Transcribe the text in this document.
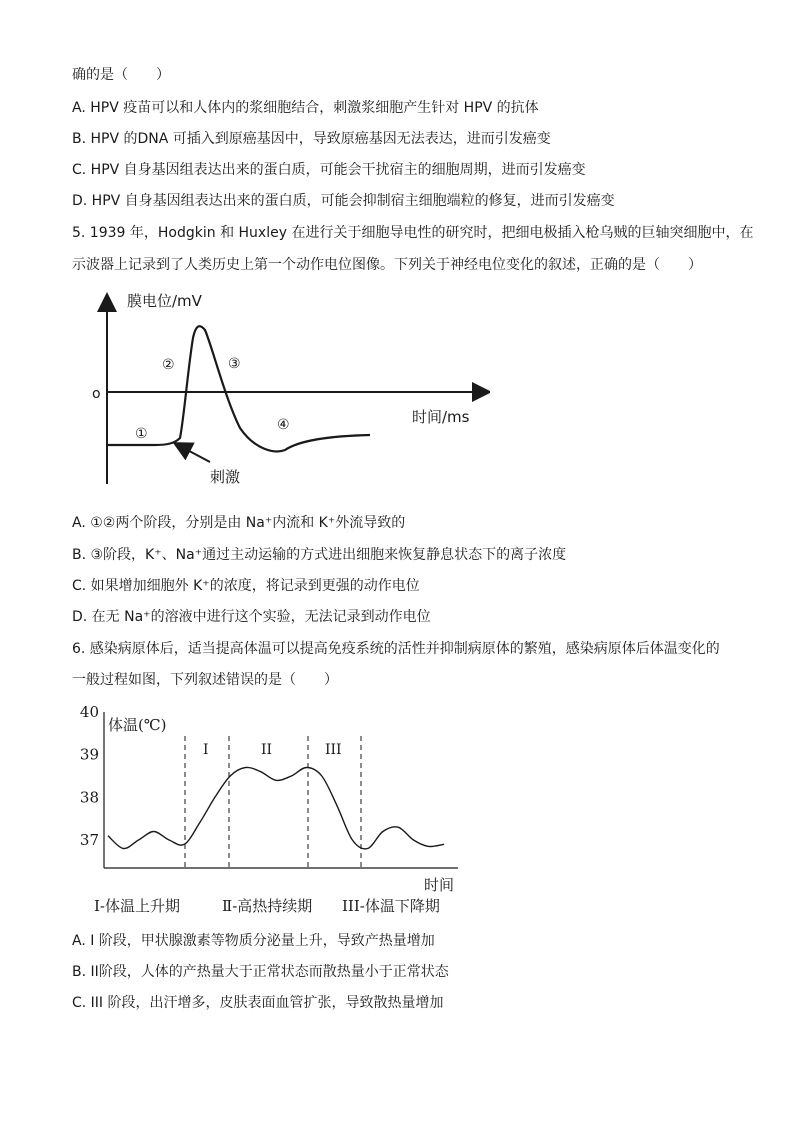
确的是（　　）
A. HPV 疫苗可以和人体内的浆细胞结合，刺激浆细胞产生针对 HPV 的抗体
B. HPV 的DNA 可插入到原癌基因中，导致原癌基因无法表达，进而引发癌变
C. HPV 自身基因组表达出来的蛋白质，可能会干扰宿主的细胞周期，进而引发癌变
D. HPV 自身基因组表达出来的蛋白质，可能会抑制宿主细胞端粒的修复，进而引发癌变
5. 1939 年，Hodgkin 和 Huxley 在进行关于细胞导电性的研究时，把细电极插入枪乌贼的巨轴突细胞中，在
示波器上记录到了人类历史上第一个动作电位图像。下列关于神经电位变化的叙述，正确的是（　　）
膜电位/mV
时间/ms
o
①
②	③
④
刺激
A. ①②两个阶段，分别是由 Na⁺内流和 K⁺外流导致的
B. ③阶段，K⁺、Na⁺通过主动运输的方式进出细胞来恢复静息状态下的离子浓度
C. 如果增加细胞外 K⁺的浓度，将记录到更强的动作电位
D. 在无 Na⁺的溶液中进行这个实验，无法记录到动作电位
6. 感染病原体后，适当提高体温可以提高免疫系统的活性并抑制病原体的繁殖，感染病原体后体温变化的
一般过程如图，下列叙述错误的是（　　）
40
39
38
37
体温(℃)
时间
I	II	III
Ⅰ-体温上升期	Ⅱ-高热持续期 III-体温下降期
A. I 阶段，甲状腺激素等物质分泌量上升，导致产热量增加
B. II阶段，人体的产热量大于正常状态而散热量小于正常状态
C. III 阶段，出汗增多，皮肤表面血管扩张，导致散热量增加
